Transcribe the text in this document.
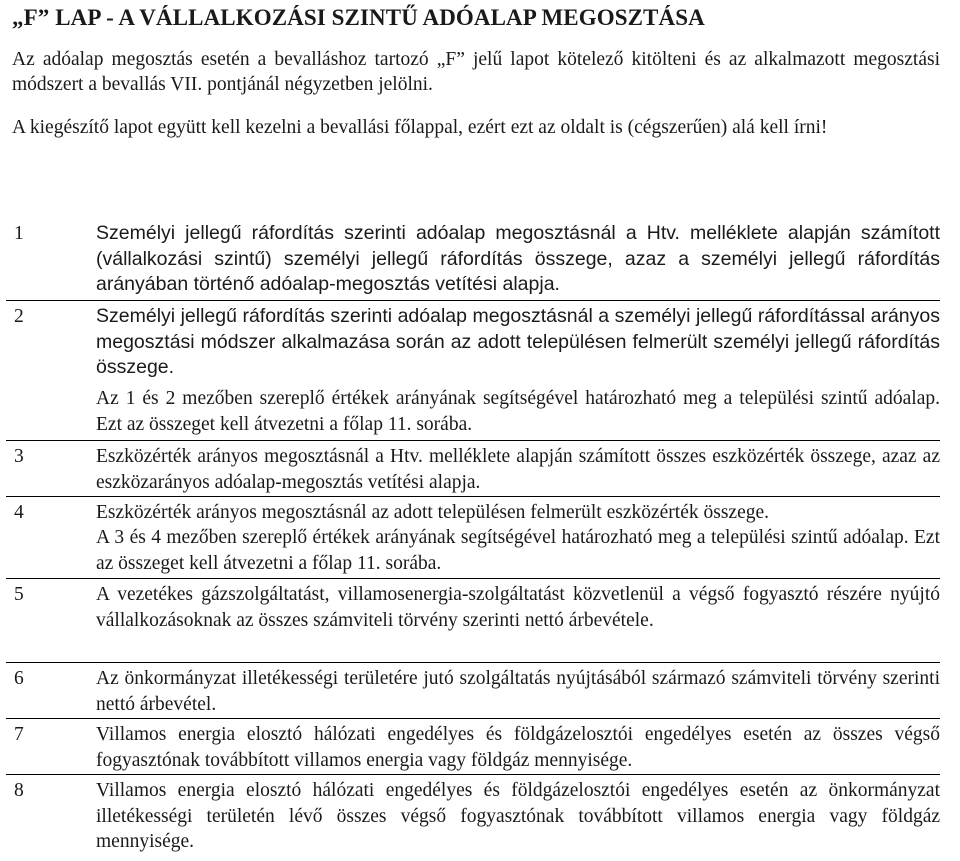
„F” LAP - A VÁLLALKOZÁSI SZINTŰ ADÓALAP MEGOSZTÁSA
Az adóalap megosztás esetén a bevalláshoz tartozó „F” jelű lapot kötelező kitölteni és az alkalmazott megosztási módszert a bevallás VII. pontjánál négyzetben jelölni.
A kiegészítő lapot együtt kell kezelni a bevallási főlappal, ezért ezt az oldalt is (cégszerűen) alá kell írni!
1	Személyi jellegű ráfordítás szerinti adóalap megosztásnál a Htv. melléklete alapján számított (vállalkozási szintű) személyi jellegű ráfordítás összege, azaz a személyi jellegű ráfordítás arányában történő adóalap-megosztás vetítési alapja.
2	Személyi jellegű ráfordítás szerinti adóalap megosztásnál a személyi jellegű ráfordítással arányos megosztási módszer alkalmazása során az adott településen felmerült személyi jellegű ráfordítás összege.
Az 1 és 2 mezőben szereplő értékek arányának segítségével határozható meg a települési szintű adóalap. Ezt az összeget kell átvezetni a főlap 11. sorába.
3	Eszközérték arányos megosztásnál a Htv. melléklete alapján számított összes eszközérték összege, azaz az eszközarányos adóalap-megosztás vetítési alapja.
4	Eszközérték arányos megosztásnál az adott településen felmerült eszközérték összege.
A 3 és 4 mezőben szereplő értékek arányának segítségével határozható meg a települési szintű adóalap. Ezt az összeget kell átvezetni a főlap 11. sorába.
5	A vezetékes gázszolgáltatást, villamosenergia-szolgáltatást közvetlenül a végső fogyasztó részére nyújtó vállalkozásoknak az összes számviteli törvény szerinti nettó árbevétele.
6	Az önkormányzat illetékességi területére jutó szolgáltatás nyújtásából származó számviteli törvény szerinti nettó árbevétel.
7	Villamos energia elosztó hálózati engedélyes és földgázelosztói engedélyes esetén az összes végső fogyasztónak továbbított villamos energia vagy földgáz mennyisége.
8	Villamos energia elosztó hálózati engedélyes és földgázelosztói engedélyes esetén az önkormányzat illetékességi területén lévő összes végső fogyasztónak továbbított villamos energia vagy földgáz mennyisége.
